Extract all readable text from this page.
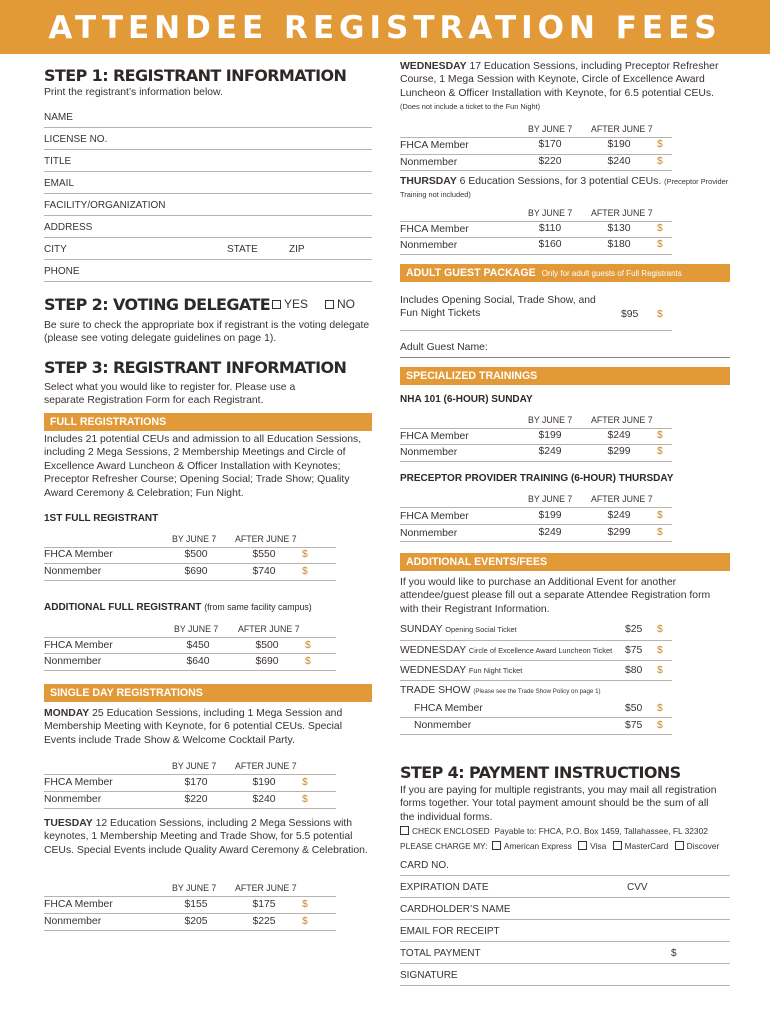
ATTENDEE REGISTRATION FEES
STEP 1: REGISTRANT INFORMATION
Print the registrant’s information below.
NAME
LICENSE NO.
TITLE
EMAIL
FACILITY/ORGANIZATION
ADDRESS
CITY	STATE	ZIP
PHONE
STEP 2: VOTING DELEGATE	YES	NO
Be sure to check the appropriate box if registrant is the voting delegate (please see voting delegate guidelines on page 1).
STEP 3: REGISTRANT INFORMATION
Select what you would like to register for. Please use a separate Registration Form for each Registrant.
FULL REGISTRATIONS
Includes 21 potential CEUs and admission to all Education Sessions, including 2 Mega Sessions, 2 Membership Meetings and Circle of Excellence Award Luncheon & Officer Installation with Keynotes; Preceptor Refresher Course; Opening Social; Trade Show; Quality Award Ceremony & Celebration; Fun Night.
1ST FULL REGISTRANT
BY JUNE 7 AFTER JUNE 7
FHCA Member	$500	$550	$
Nonmember	$690	$740	$
ADDITIONAL FULL REGISTRANT (from same facility campus)
BY JUNE 7 AFTER JUNE 7
FHCA Member	$450	$500	$
Nonmember	$640	$690	$
SINGLE DAY REGISTRATIONS
MONDAY 25 Education Sessions, including 1 Mega Session and Membership Meeting with Keynote, for 6 potential CEUs. Special Events include Trade Show & Welcome Cocktail Party.
BY JUNE 7 AFTER JUNE 7
FHCA Member	$170	$190	$
Nonmember	$220	$240	$
TUESDAY 12 Education Sessions, including 2 Mega Sessions with keynotes, 1 Membership Meeting and Trade Show, for 5.5 potential CEUs. Special Events include Quality Award Ceremony & Celebration.
BY JUNE 7 AFTER JUNE 7
FHCA Member	$155	$175	$
Nonmember	$205	$225	$
WEDNESDAY 17 Education Sessions, including Preceptor Refresher Course, 1 Mega Session with Keynote, Circle of Excellence Award Luncheon & Officer Installation with Keynote, for 6.5 potential CEUs. (Does not include a ticket to the Fun Night)
BY JUNE 7 AFTER JUNE 7
FHCA Member	$170	$190	$
Nonmember	$220	$240	$
THURSDAY 6 Education Sessions, for 3 potential CEUs. (Preceptor Provider Training not included)
BY JUNE 7 AFTER JUNE 7
FHCA Member	$110	$130	$
Nonmember	$160	$180	$
ADULT GUEST PACKAGE Only for adult guests of Full Registrants
Includes Opening Social, Trade Show, and Fun Night Tickets	$95 $
Adult Guest Name:
SPECIALIZED TRAININGS
NHA 101 (6-HOUR) SUNDAY
BY JUNE 7 AFTER JUNE 7
FHCA Member	$199	$249	$
Nonmember	$249	$299	$
PRECEPTOR PROVIDER TRAINING (6-HOUR) THURSDAY
BY JUNE 7 AFTER JUNE 7
FHCA Member	$199	$249	$
Nonmember	$249	$299	$
ADDITIONAL EVENTS/FEES
If you would like to purchase an Additional Event for another attendee/guest please fill out a separate Attendee Registration form with their Registrant Information.
SUNDAY Opening Social Ticket	$25 $
WEDNESDAY Circle of Excellence Award Luncheon Ticket $75 $
WEDNESDAY Fun Night Ticket	$80 $
TRADE SHOW (Please see the Trade Show Policy on page 1)
FHCA Member	$50 $
Nonmember	$75 $
STEP 4: PAYMENT INSTRUCTIONS
If you are paying for multiple registrants, you may mail all registration forms together. Your total payment amount should be the sum of all the individual forms.
CHECK ENCLOSED Payable to: FHCA, P.O. Box 1459, Tallahassee, FL 32302
PLEASE CHARGE MY: American Express Visa MasterCard Discover
CARD NO.
EXPIRATION DATE	CVV
CARDHOLDER’S NAME
EMAIL FOR RECEIPT
TOTAL PAYMENT	$
SIGNATURE
